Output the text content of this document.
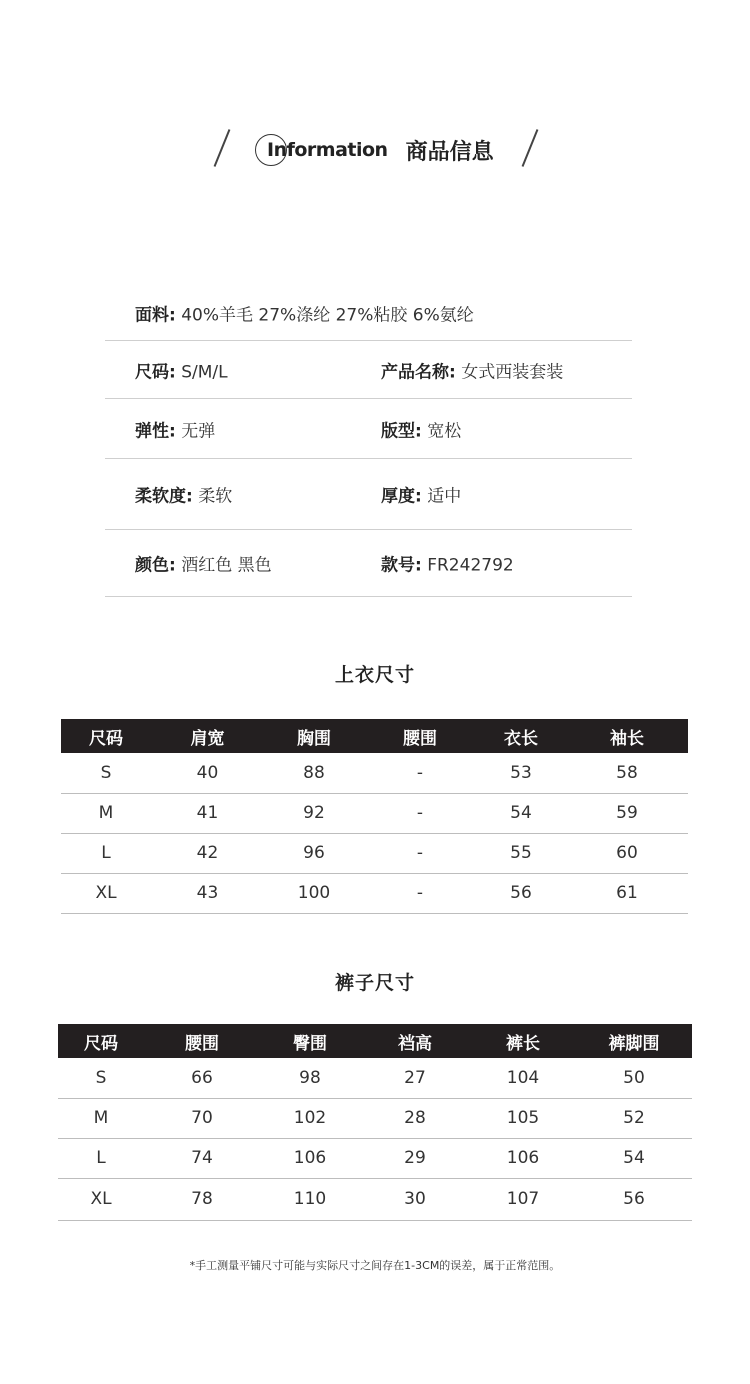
Information 商品信息
面料: 40%羊毛 27%涤纶 27%粘胶 6%氨纶
尺码: S/M/L	产品名称: 女式西装套装
弹性: 无弹	版型: 宽松
柔软度: 柔软	厚度: 适中
颜色: 酒红色 黑色	款号: FR242792
上衣尺寸
尺码	肩宽	胸围	腰围	衣长	袖长
S	40	88	-	53	58
M	41	92	-	54	59
L	42	96	-	55	60
XL	43	100	-	56	61
裤子尺寸
尺码	腰围	臀围	裆高	裤长	裤脚围
S	66	98	27	104	50
M	70	102	28	105	52
L	74	106	29	106	54
XL	78	110	30	107	56
*手工测量平铺尺寸可能与实际尺寸之间存在1-3CM的误差，属于正常范围。
